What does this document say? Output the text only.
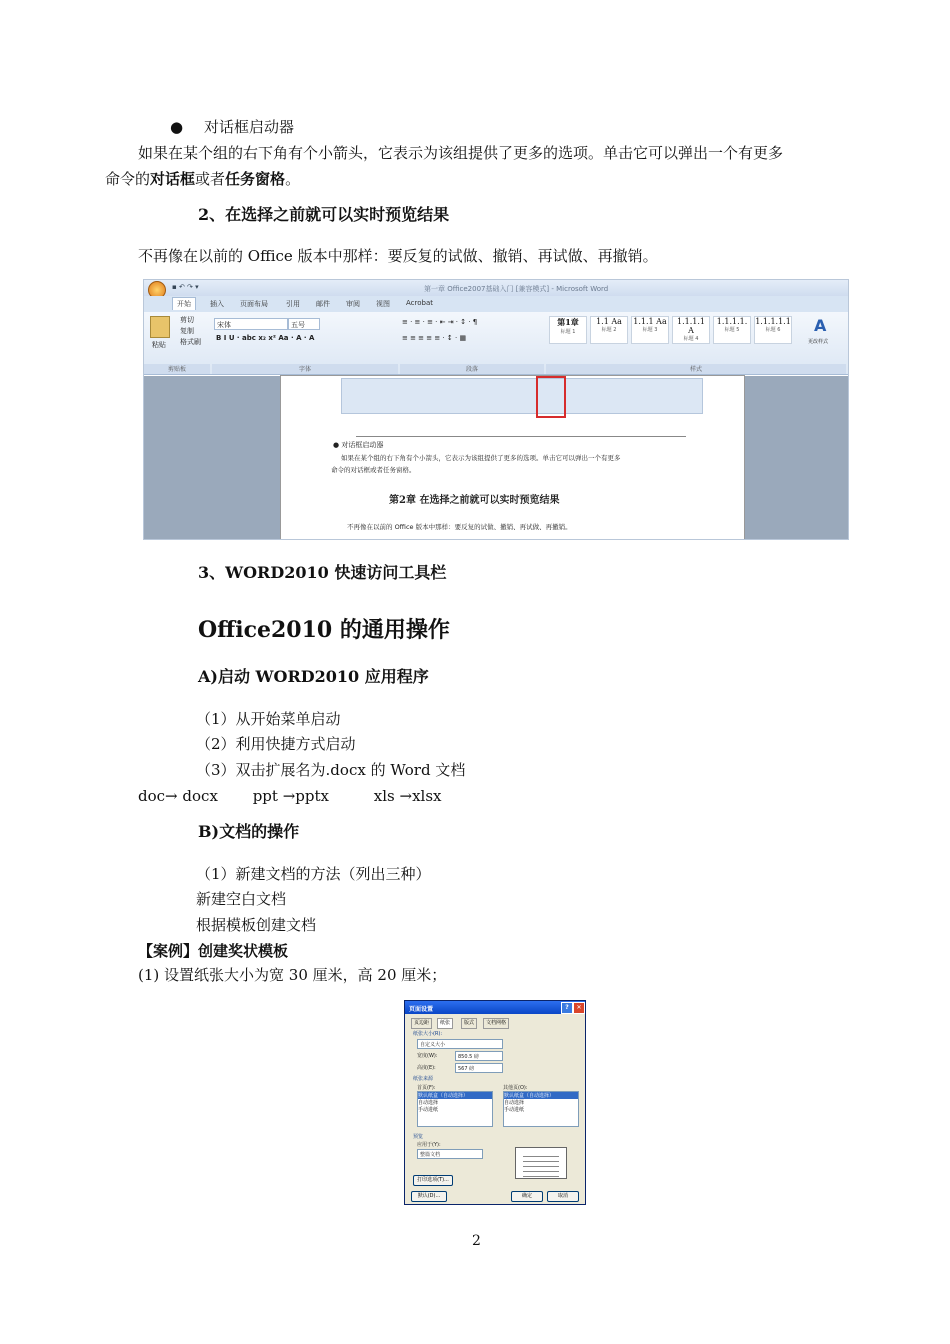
● 对话框启动器
如果在某个组的右下角有个小箭头，它表示为该组提供了更多的选项。单击它可以弹出一个有更多
命令的对话框或者任务窗格。
2、在选择之前就可以实时预览结果
不再像在以前的 Office 版本中那样：要反复的试做、撤销、再试做、再撤销。
▪ ↶ ↷ ▾	第一章 Office2007基础入门 [兼容模式] - Microsoft Word
开始	插入	页面布局	引用	邮件	审阅	视图	Acrobat
粘贴
剪切
复制
格式刷
宋体	五号
B I U · abc x₂ x² Aa · A · A
≡ · ≡ · ≡ · ⇤ ⇥ · ↕ · ¶
≡ ≡ ≡ ≡ ≡ · ↕ · ▦
第1章
标题 1
1.1 Aa
标题 2
1.1.1 Aa
标题 3
1.1.1.1 A
标题 4
1.1.1.1.
标题 5
1.1.1.1.1
标题 6	A
更改样式
剪贴板	字体	段落	样式
● 对话框启动器
如果在某个组的右下角有个小箭头，它表示为该组提供了更多的选项。单击它可以弹出一个有更多
命令的对话框或者任务窗格。
第2章 在选择之前就可以实时预览结果
不再像在以前的 Office 版本中那样：要反复的试做、撤销、再试做、再撤销。
3、WORD2010 快速访问工具栏
Office2010 的通用操作
A)启动 WORD2010 应用程序
（1）从开始菜单启动
（2）利用快捷方式启动
（3）双击扩展名为.docx 的 Word 文档
doc→ docx ppt →pptx	xls →xlsx
B)文档的操作
（1）新建文档的方法（列出三种）
新建空白文档
根据模板创建文档
【案例】创建奖状模板
(1) 设置纸张大小为宽 30 厘米，高 20 厘米；
页面设置	?	✕
页边距	纸张	版式	文档网格
纸张大小(R):
自定义大小
宽度(W):	850.5 磅
高度(E):	567 磅
纸张来源
首页(F):	其他页(O):
默认纸盒（自动选择）
自动选择
手动进纸
默认纸盒（自动选择）
自动选择
手动进纸
预览
应用于(Y):
整篇文档
打印选项(T)...
默认(D)...	确定	取消
2
